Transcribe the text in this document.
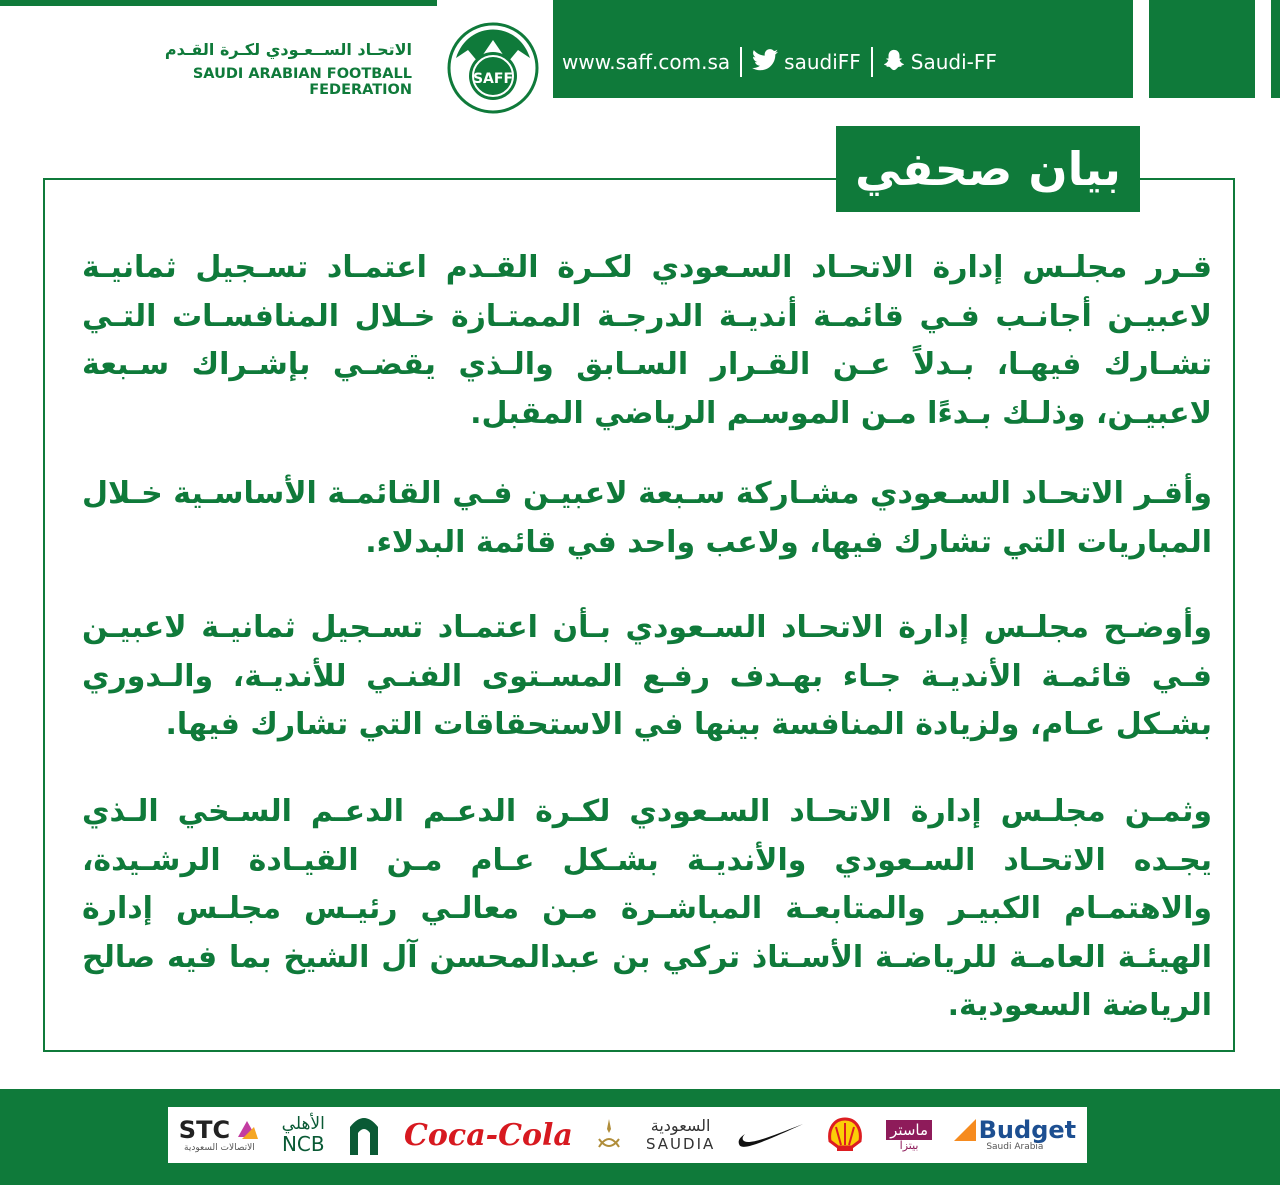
الاتحـاد الســعـودي لكـرة القـدم
SAUDI ARABIAN FOOTBALL FEDERATION
SAFF
www.saff.com.sa	saudiFF	Saudi-FF
بيان صحفي
قـرر مجلـس إدارة الاتحـاد السـعودي لكـرة القـدم اعتمـاد تسـجيل ثمانيـة لاعبيـن أجانـب فـي قائمـة أنديـة الدرجـة الممتـازة خـلال المنافسـات التـي تشـارك فيهـا، بـدلاً عـن القـرار السـابق والـذي يقضـي بإشـراك سـبعة لاعبيـن، وذلـك بـدءًا مـن الموسـم الرياضي المقبل.
وأقـر الاتحـاد السـعودي مشـاركة سـبعة لاعبيـن فـي القائمـة الأساسـية خـلال المباريات التي تشارك فيها، ولاعب واحد في قائمة البدلاء.
وأوضـح مجلـس إدارة الاتحـاد السـعودي بـأن اعتمـاد تسـجيل ثمانيـة لاعبيـن فـي قائمـة الأنديـة جـاء بهـدف رفـع المسـتوى الفنـي للأنديـة، والـدوري بشـكل عـام، ولزيادة المنافسة بينها في الاستحقاقات التي تشارك فيها.
وثمـن مجلـس إدارة الاتحـاد السـعودي لكـرة الدعـم الدعـم السـخي الـذي يجـده الاتحـاد السـعودي والأنديـة بشـكل عـام مـن القيـادة الرشـيدة، والاهتمـام الكبيـر والمتابعـة المباشـرة مـن معالـي رئيـس مجلـس إدارة الهيئـة العامـة للرياضـة الأسـتاذ تركي بن عبدالمحسن آل الشيخ بما فيه صالح الرياضة السعودية.
STC
الاتصالات السعودية
الأهلي
NCB	Coca-Cola	السعودية
SAUDIA
ماستر
بيتزا
Budget
Saudi Arabia
